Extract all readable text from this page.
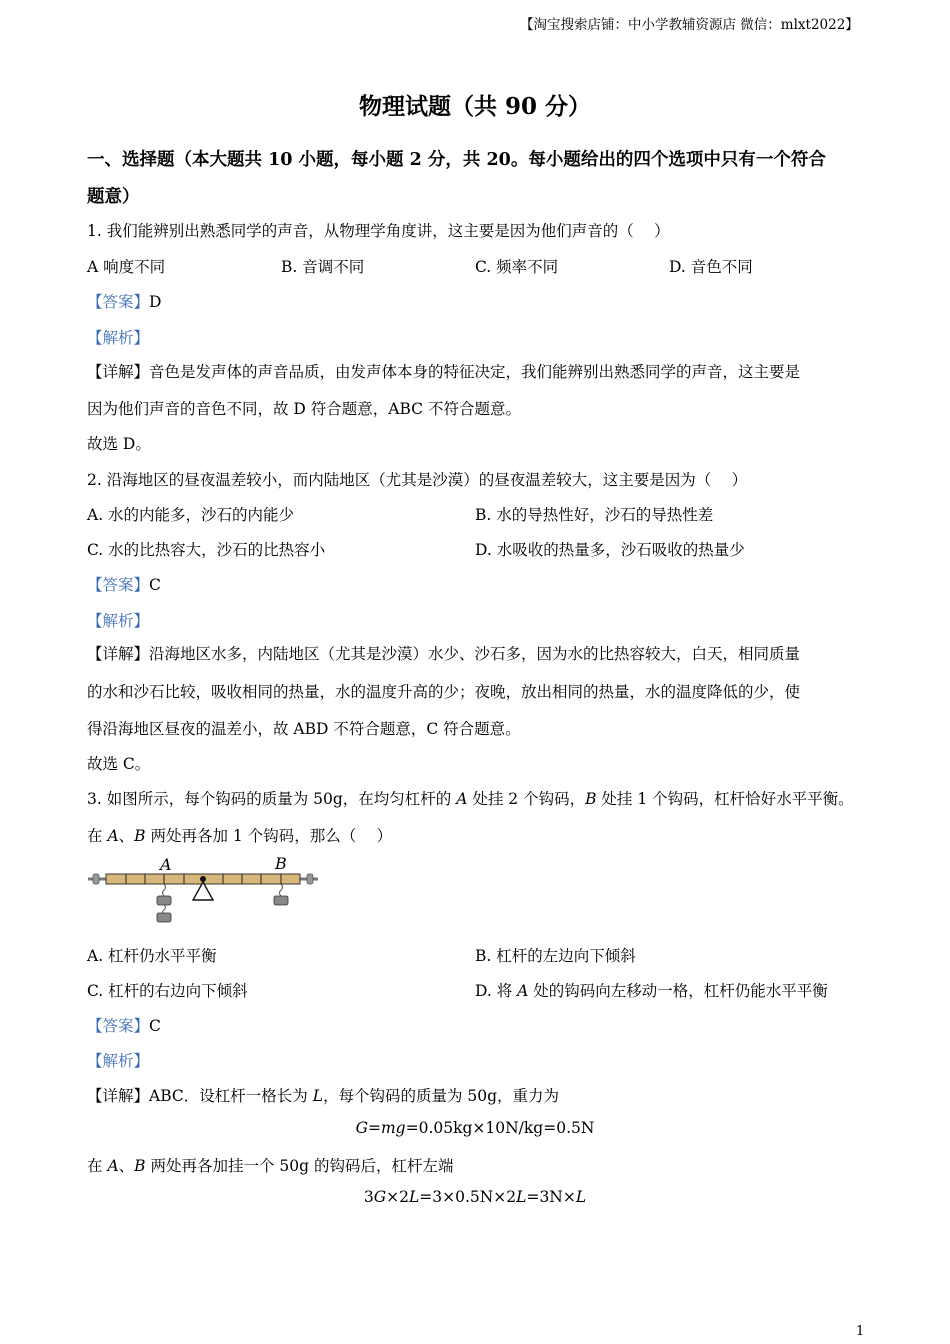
【淘宝搜索店铺：中小学教辅资源店 微信：mlxt2022】
物理试题（共 90 分）
一、选择题（本大题共 10 小题，每小题 2 分，共 20。每小题给出的四个选项中只有一个符合
题意）
1. 我们能辨别出熟悉同学的声音，从物理学角度讲，这主要是因为他们声音的（　 ）
A 响度不同	B. 音调不同	C. 频率不同	D. 音色不同
【答案】D
【解析】
【详解】音色是发声体的声音品质，由发声体本身的特征决定，我们能辨别出熟悉同学的声音，这主要是
因为他们声音的音色不同，故 D 符合题意，ABC 不符合题意。
故选 D。
2. 沿海地区的昼夜温差较小，而内陆地区（尤其是沙漠）的昼夜温差较大，这主要是因为（　 ）
A. 水的内能多，沙石的内能少	B. 水的导热性好，沙石的导热性差
C. 水的比热容大，沙石的比热容小	D. 水吸收的热量多，沙石吸收的热量少
【答案】C
【解析】
【详解】沿海地区水多，内陆地区（尤其是沙漠）水少、沙石多，因为水的比热容较大，白天，相同质量
的水和沙石比较，吸收相同的热量，水的温度升高的少；夜晚，放出相同的热量，水的温度降低的少，使
得沿海地区昼夜的温差小，故 ABD 不符合题意，C 符合题意。
故选 C。
3. 如图所示，每个钩码的质量为 50g，在均匀杠杆的 A 处挂 2 个钩码，B 处挂 1 个钩码，杠杆恰好水平平衡。
在 A、B 两处再各加 1 个钩码，那么（　 ）
A	B
A. 杠杆仍水平平衡	B. 杠杆的左边向下倾斜
C. 杠杆的右边向下倾斜	D. 将 A 处的钩码向左移动一格，杠杆仍能水平平衡
【答案】C
【解析】
【详解】ABC．设杠杆一格长为 L，每个钩码的质量为 50g，重力为
G=mg=0.05kg×10N/kg=0.5N
在 A、B 两处再各加挂一个 50g 的钩码后，杠杆左端
3G×2L=3×0.5N×2L=3N×L
1
